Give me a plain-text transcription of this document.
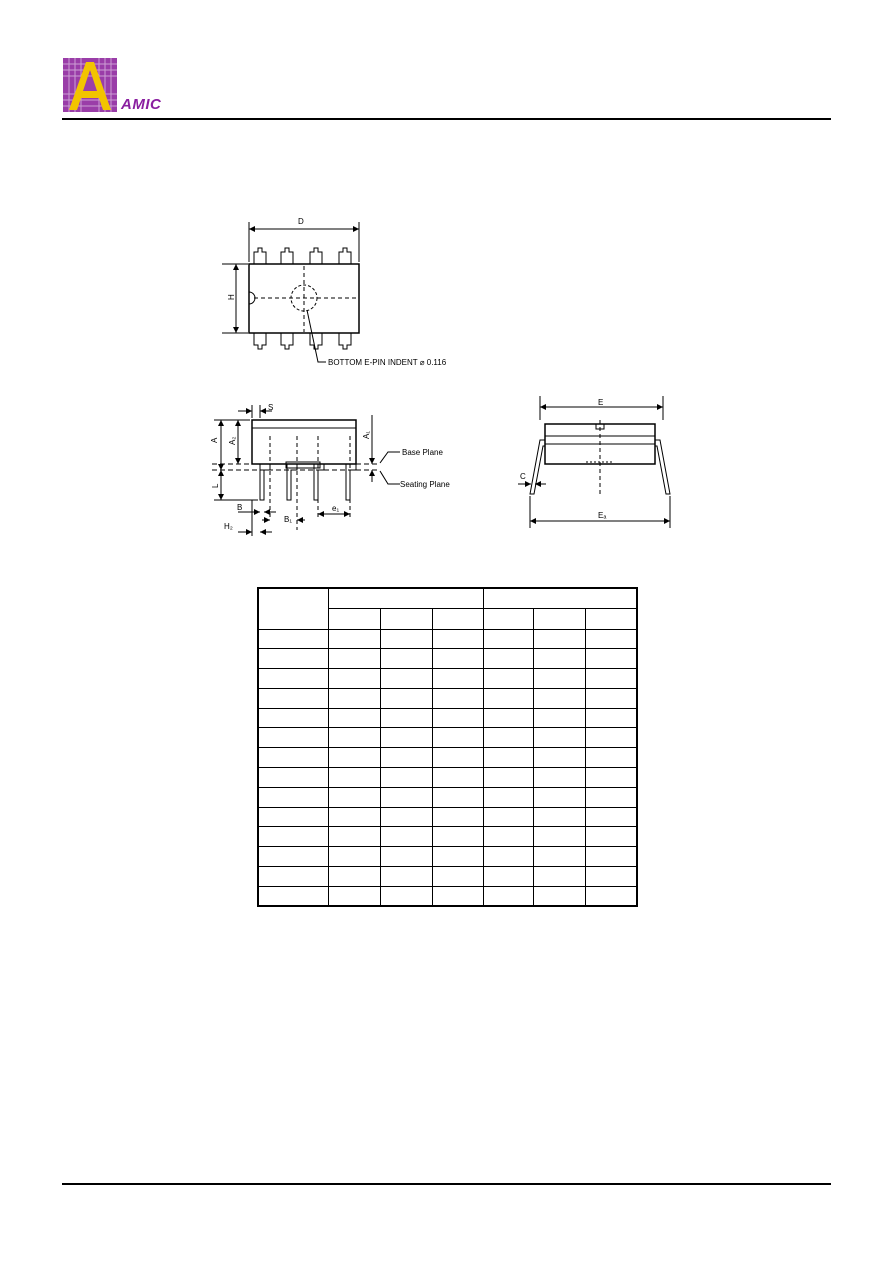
AMIC
D
H
BOTTOM E-PIN INDENT ⌀ 0.116
S
A A₂
A₁
L
B
B₁
e₁
H₂
Base Plane
Seating Plane
E
C
Eₐ
